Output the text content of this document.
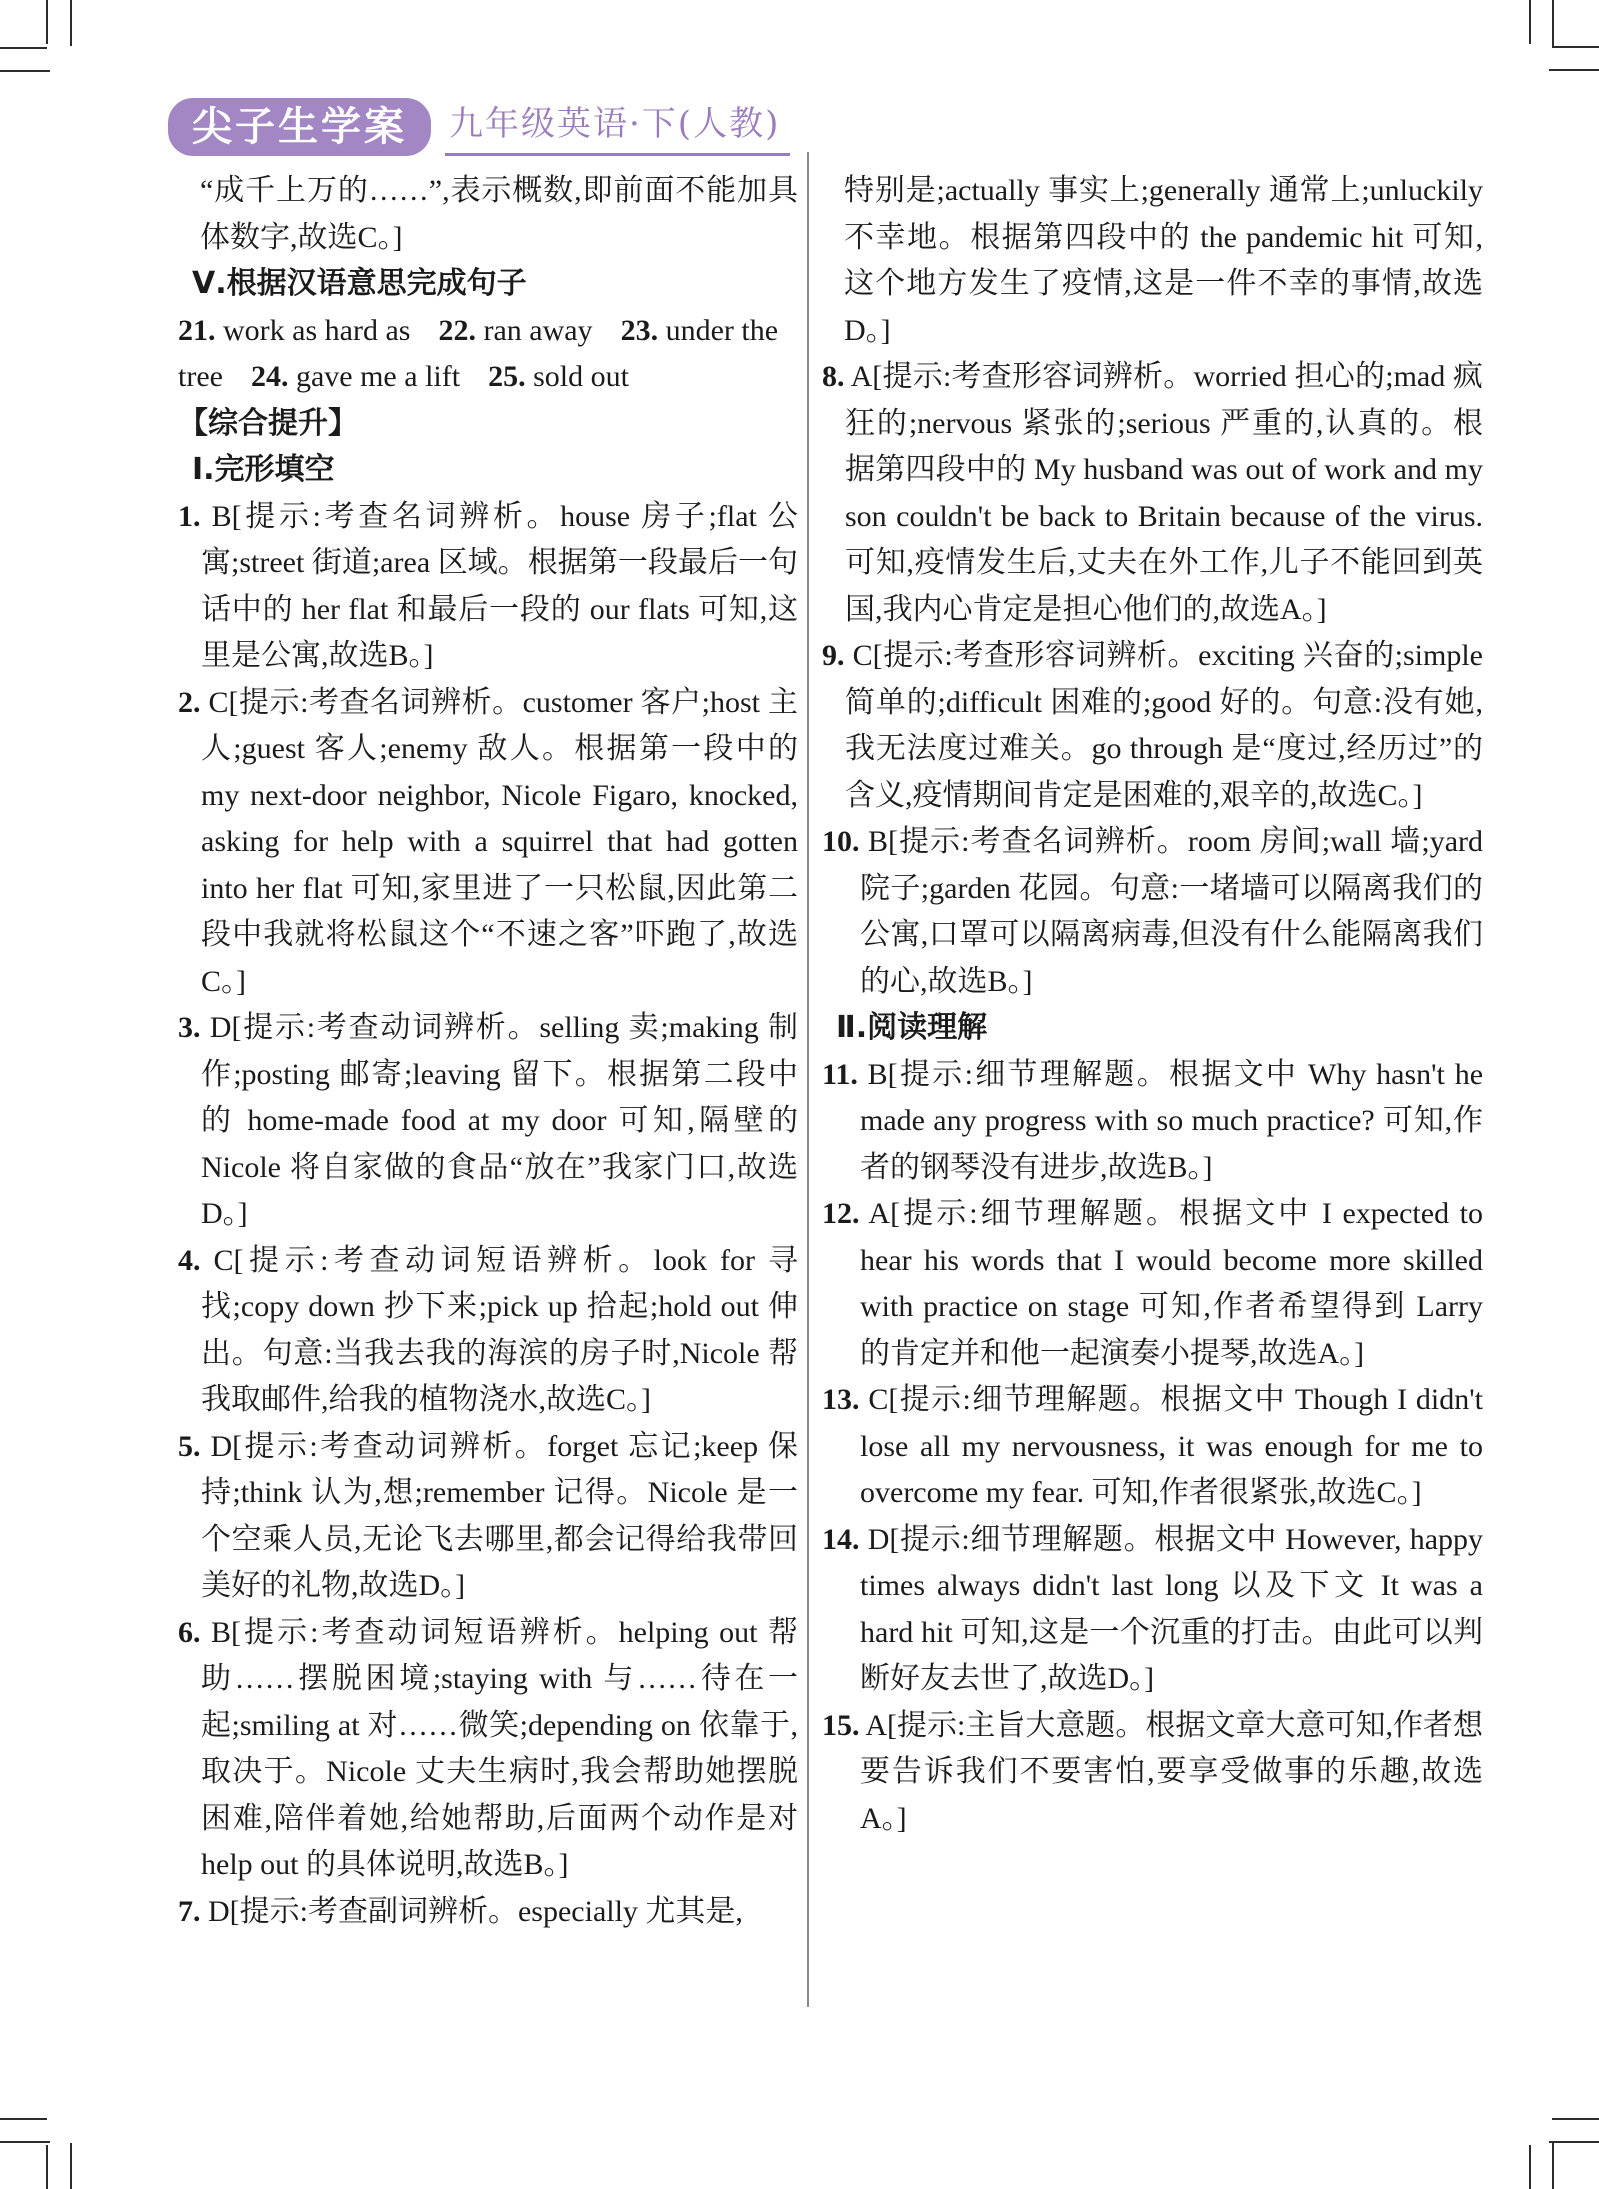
尖子生学案	九年级英语·下(人教)
“成千上万的……”,表示概数,即前面不能加具体数字,故选C。]
Ⅴ.根据汉语意思完成句子
21. work as hard as 22. ran away 23. under the tree 24. gave me a lift 25. sold out
【综合提升】
Ⅰ.完形填空
1. B[提示:考查名词辨析。house 房子;flat 公寓;street 街道;area 区域。根据第一段最后一句话中的 her flat 和最后一段的 our flats 可知,这里是公寓,故选B。]
2. C[提示:考查名词辨析。customer 客户;host 主人;guest 客人;enemy 敌人。根据第一段中的 my next-door neighbor, Nicole Figaro, knocked, asking for help with a squirrel that had gotten into her flat 可知,家里进了一只松鼠,因此第二段中我就将松鼠这个“不速之客”吓跑了,故选C。]
3. D[提示:考查动词辨析。selling 卖;making 制作;posting 邮寄;leaving 留下。根据第二段中的 home-made food at my door 可知,隔壁的 Nicole 将自家做的食品“放在”我家门口,故选D。]
4. C[提示:考查动词短语辨析。look for 寻找;copy down 抄下来;pick up 拾起;hold out 伸出。句意:当我去我的海滨的房子时,Nicole 帮我取邮件,给我的植物浇水,故选C。]
5. D[提示:考查动词辨析。forget 忘记;keep 保持;think 认为,想;remember 记得。Nicole 是一个空乘人员,无论飞去哪里,都会记得给我带回美好的礼物,故选D。]
6. B[提示:考查动词短语辨析。helping out 帮助……摆脱困境;staying with 与……待在一起;smiling at 对……微笑;depending on 依靠于,取决于。Nicole 丈夫生病时,我会帮助她摆脱困难,陪伴着她,给她帮助,后面两个动作是对 help out 的具体说明,故选B。]
7. D[提示:考查副词辨析。especially 尤其是,
特别是;actually 事实上;generally 通常上;unluckily 不幸地。根据第四段中的 the pandemic hit 可知,这个地方发生了疫情,这是一件不幸的事情,故选D。]
8. A[提示:考查形容词辨析。worried 担心的;mad 疯狂的;nervous 紧张的;serious 严重的,认真的。根据第四段中的 My husband was out of work and my son couldn't be back to Britain because of the virus. 可知,疫情发生后,丈夫在外工作,儿子不能回到英国,我内心肯定是担心他们的,故选A。]
9. C[提示:考查形容词辨析。exciting 兴奋的;simple 简单的;difficult 困难的;good 好的。句意:没有她,我无法度过难关。go through 是“度过,经历过”的含义,疫情期间肯定是困难的,艰辛的,故选C。]
10. B[提示:考查名词辨析。room 房间;wall 墙;yard 院子;garden 花园。句意:一堵墙可以隔离我们的公寓,口罩可以隔离病毒,但没有什么能隔离我们的心,故选B。]
Ⅱ.阅读理解
11. B[提示:细节理解题。根据文中 Why hasn't he made any progress with so much practice? 可知,作者的钢琴没有进步,故选B。]
12. A[提示:细节理解题。根据文中 I expected to hear his words that I would become more skilled with practice on stage 可知,作者希望得到 Larry 的肯定并和他一起演奏小提琴,故选A。]
13. C[提示:细节理解题。根据文中 Though I didn't lose all my nervousness, it was enough for me to overcome my fear. 可知,作者很紧张,故选C。]
14. D[提示:细节理解题。根据文中 However, happy times always didn't last long 以及下文 It was a hard hit 可知,这是一个沉重的打击。由此可以判断好友去世了,故选D。]
15. A[提示:主旨大意题。根据文章大意可知,作者想要告诉我们不要害怕,要享受做事的乐趣,故选A。]
